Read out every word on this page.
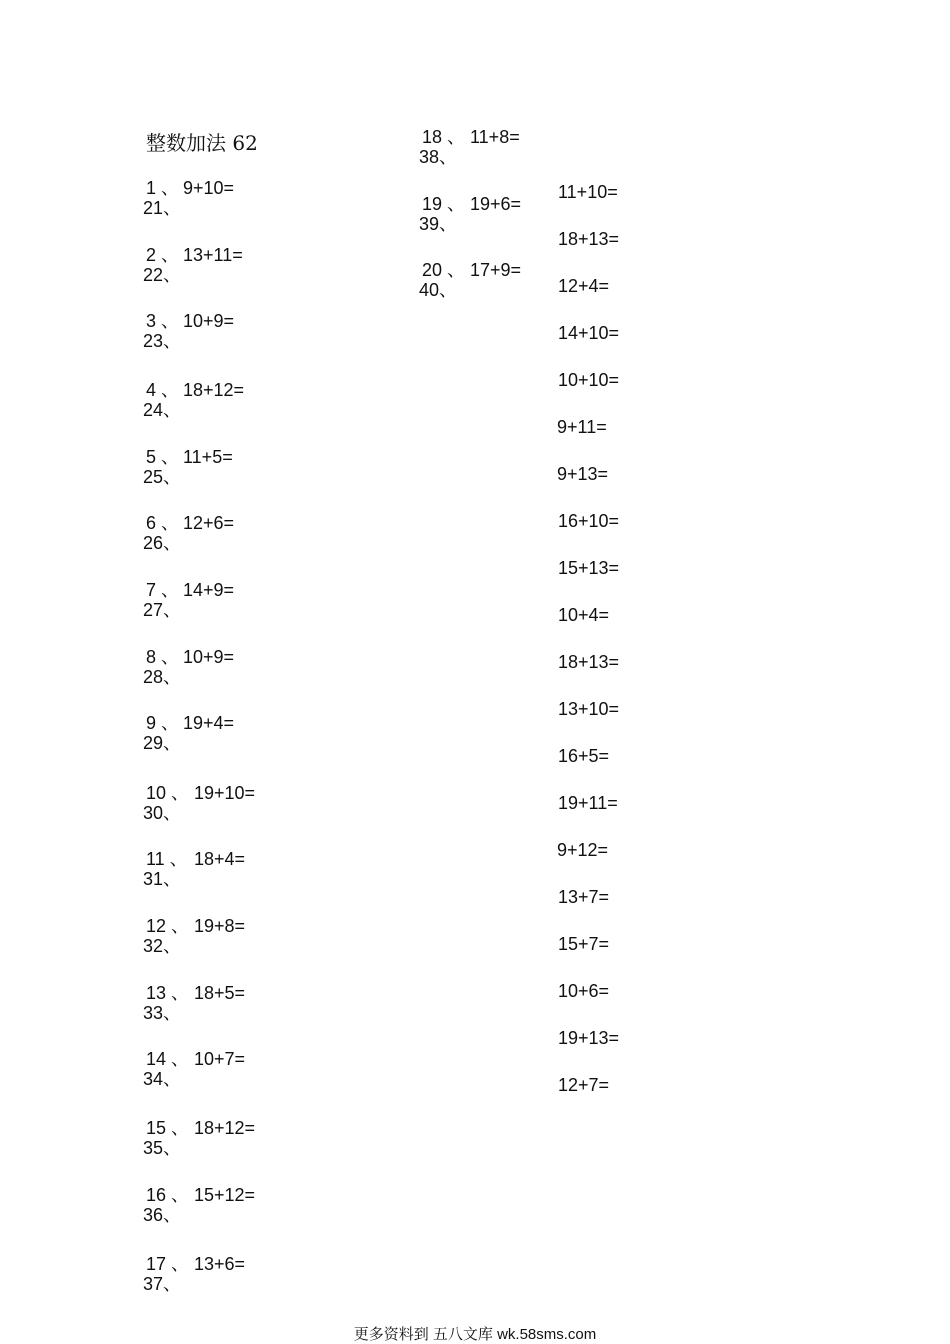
整数加法 62
1 、 9+10=
21、
2 、 13+11=
22、
3 、 10+9=
23、
4 、 18+12=
24、
5 、 11+5=
25、
6 、 12+6=
26、
7 、 14+9=
27、
8 、 10+9=
28、
9 、 19+4=
29、
10 、 19+10=
30、
11 、 18+4=
31、
12 、 19+8=
32、
13 、 18+5=
33、
14 、 10+7=
34、
15 、 18+12=
35、
16 、 15+12=
36、
17 、 13+6=
37、
18 、 11+8=
38、
19 、 19+6=
39、
20 、 17+9=
40、
11+10=
18+13=
12+4=
14+10=
10+10=
9+11=
9+13=
16+10=
15+13=
10+4=
18+13=
13+10=
16+5=
19+11=
9+12=
13+7=
15+7=
10+6=
19+13=
12+7=
更多资料到 五八文库 wk.58sms.com
